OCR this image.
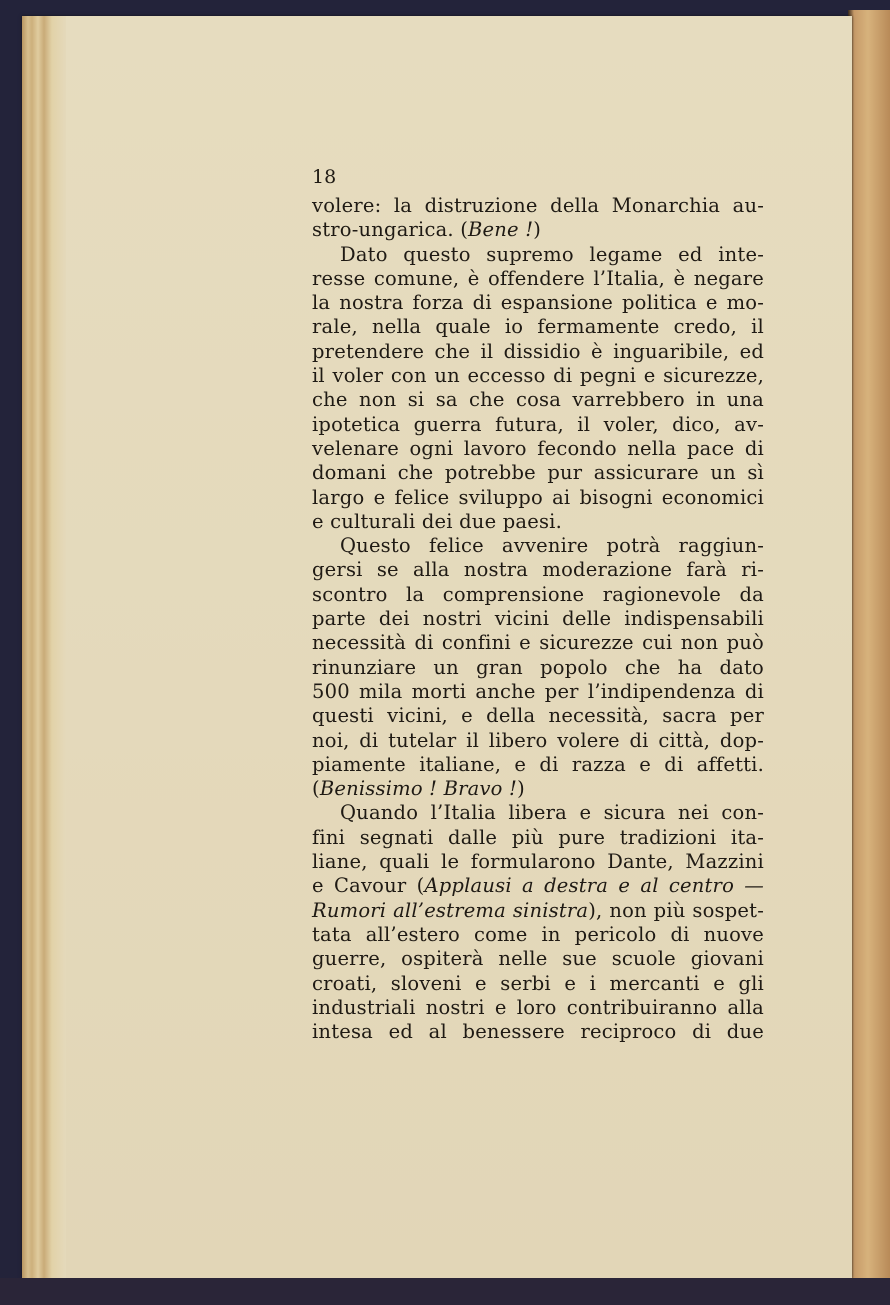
18
volere: la distruzione della Monarchia au-
stro-ungarica. (Bene !)
Dato questo supremo legame ed inte-
resse comune, è offendere l’Italia, è negare
la nostra forza di espansione politica e mo-
rale, nella quale io fermamente credo, il
pretendere che il dissidio è inguaribile, ed
il voler con un eccesso di pegni e sicurezze,
che non si sa che cosa varrebbero in una
ipotetica guerra futura, il voler, dico, av-
velenare ogni lavoro fecondo nella pace di
domani che potrebbe pur assicurare un sì
largo e felice sviluppo ai bisogni economici
e culturali dei due paesi.
Questo felice avvenire potrà raggiun-
gersi se alla nostra moderazione farà ri-
scontro la comprensione ragionevole da
parte dei nostri vicini delle indispensabili
necessità di confini e sicurezze cui non può
rinunziare un gran popolo che ha dato
500 mila morti anche per l’indipendenza di
questi vicini, e della necessità, sacra per
noi, di tutelar il libero volere di città, dop-
piamente italiane, e di razza e di affetti.
(Benissimo ! Bravo !)
Quando l’Italia libera e sicura nei con-
fini segnati dalle più pure tradizioni ita-
liane, quali le formularono Dante, Mazzini
e Cavour (Applausi a destra e al centro —
Rumori all’estrema sinistra), non più sospet-
tata all’estero come in pericolo di nuove
guerre, ospiterà nelle sue scuole giovani
croati, sloveni e serbi e i mercanti e gli
industriali nostri e loro contribuiranno alla
intesa ed al benessere reciproco di due
